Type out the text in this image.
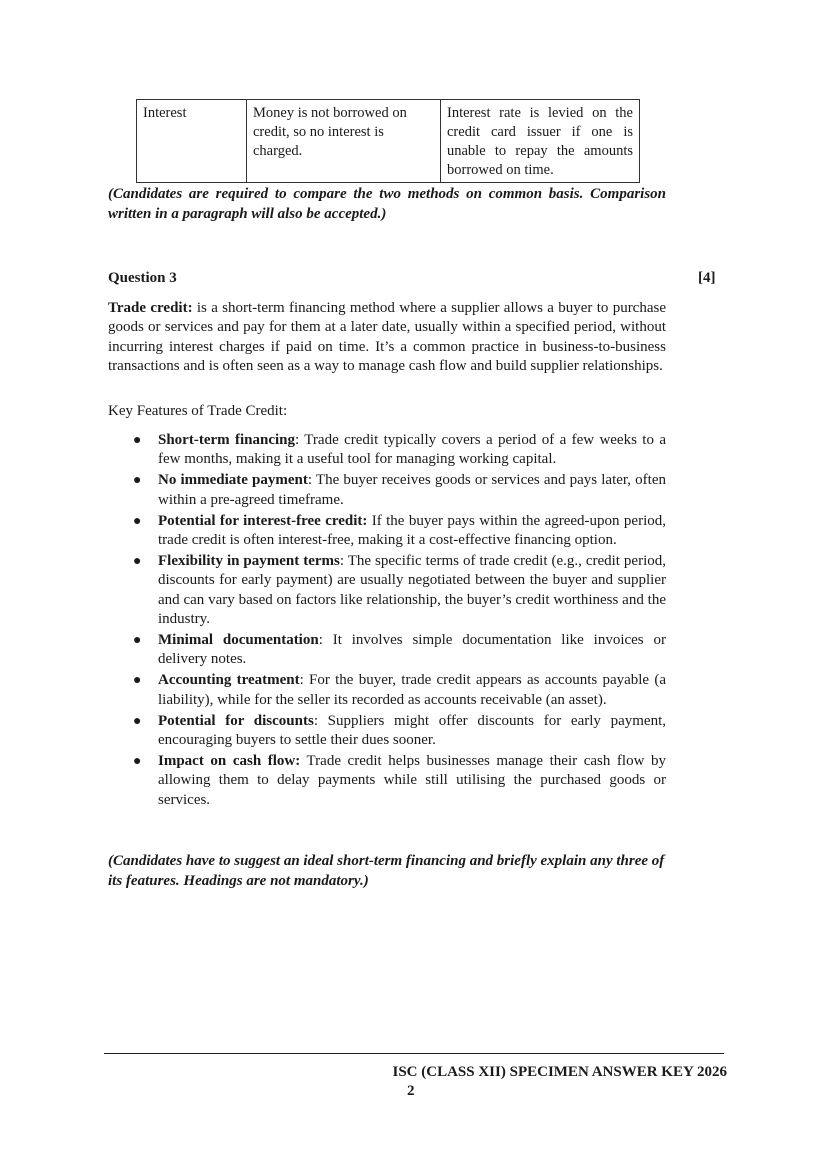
Interest	Money is not borrowed on credit, so no interest is charged.	Interest rate is levied on the credit card issuer if one is unable to repay the amounts borrowed on time.
(Candidates are required to compare the two methods on common basis. Comparison written in a paragraph will also be accepted.)
Question 3	[4]
Trade credit: is a short-term financing method where a supplier allows a buyer to purchase goods or services and pay for them at a later date, usually within a specified period, without incurring interest charges if paid on time. It’s a common practice in business-to-business transactions and is often seen as a way to manage cash flow and build supplier relationships.
Key Features of Trade Credit:
● Short-term financing: Trade credit typically covers a period of a few weeks to a few months, making it a useful tool for managing working capital.
● No immediate payment: The buyer receives goods or services and pays later, often within a pre-agreed timeframe.
● Potential for interest-free credit: If the buyer pays within the agreed-upon period, trade credit is often interest-free, making it a cost-effective financing option.
● Flexibility in payment terms: The specific terms of trade credit (e.g., credit period, discounts for early payment) are usually negotiated between the buyer and supplier and can vary based on factors like relationship, the buyer’s credit worthiness and the industry.
● Minimal documentation: It involves simple documentation like invoices or delivery notes.
● Accounting treatment: For the buyer, trade credit appears as accounts payable (a liability), while for the seller its recorded as accounts receivable (an asset).
● Potential for discounts: Suppliers might offer discounts for early payment, encouraging buyers to settle their dues sooner.
● Impact on cash flow: Trade credit helps businesses manage their cash flow by allowing them to delay payments while still utilising the purchased goods or services.
(Candidates have to suggest an ideal short-term financing and briefly explain any three of its features. Headings are not mandatory.)
ISC (CLASS XII) SPECIMEN ANSWER KEY 2026
2
